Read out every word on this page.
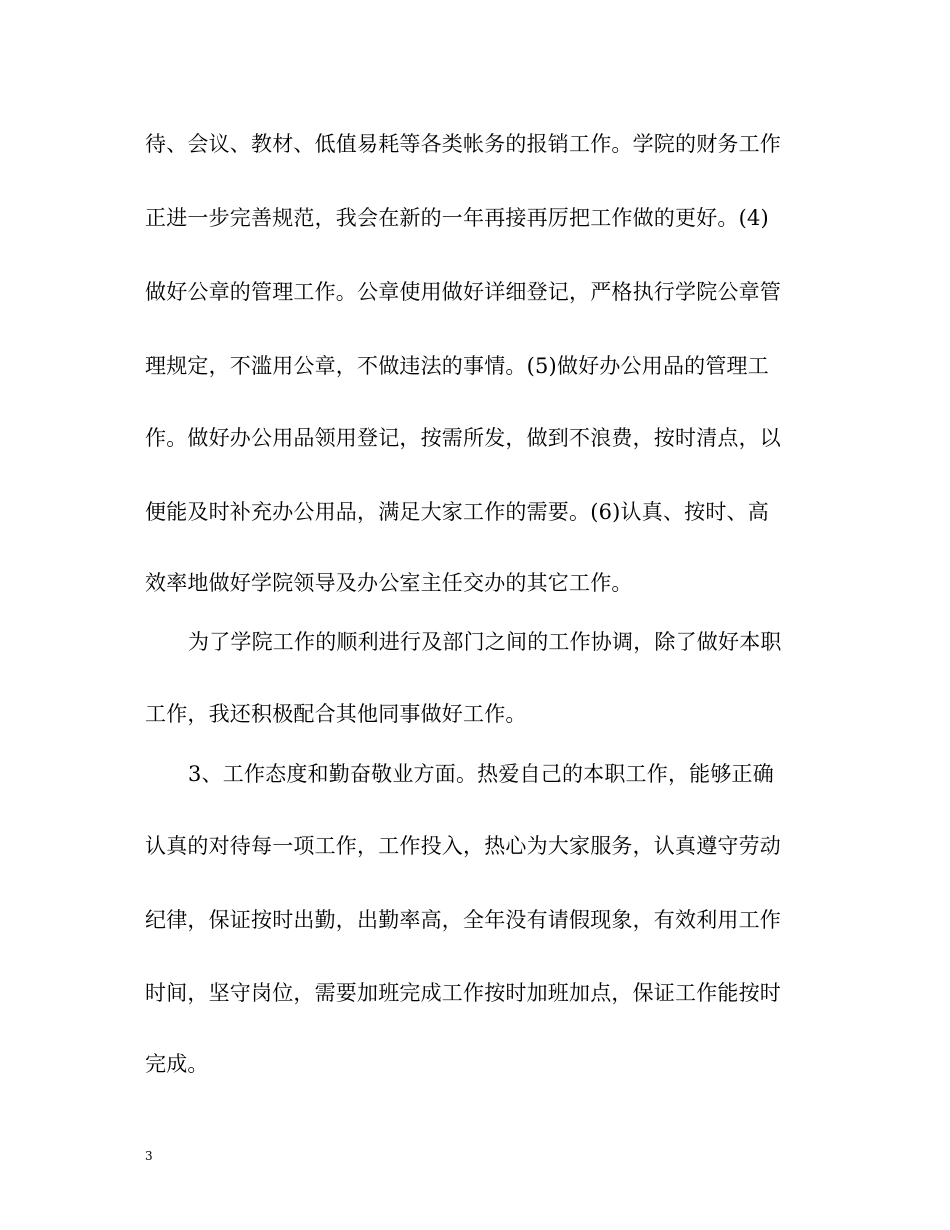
待、会议、教材、低值易耗等各类帐务的报销工作。学院的财务工作
正进一步完善规范，我会在新的一年再接再厉把工作做的更好。(4)
做好公章的管理工作。公章使用做好详细登记，严格执行学院公章管
理规定，不滥用公章，不做违法的事情。(5)做好办公用品的管理工
作。做好办公用品领用登记，按需所发，做到不浪费，按时清点，以
便能及时补充办公用品，满足大家工作的需要。(6)认真、按时、高
效率地做好学院领导及办公室主任交办的其它工作。
为了学院工作的顺利进行及部门之间的工作协调，除了做好本职
工作，我还积极配合其他同事做好工作。
3、工作态度和勤奋敬业方面。热爱自己的本职工作，能够正确
认真的对待每一项工作，工作投入，热心为大家服务，认真遵守劳动
纪律，保证按时出勤，出勤率高，全年没有请假现象，有效利用工作
时间，坚守岗位，需要加班完成工作按时加班加点，保证工作能按时
完成。
3
